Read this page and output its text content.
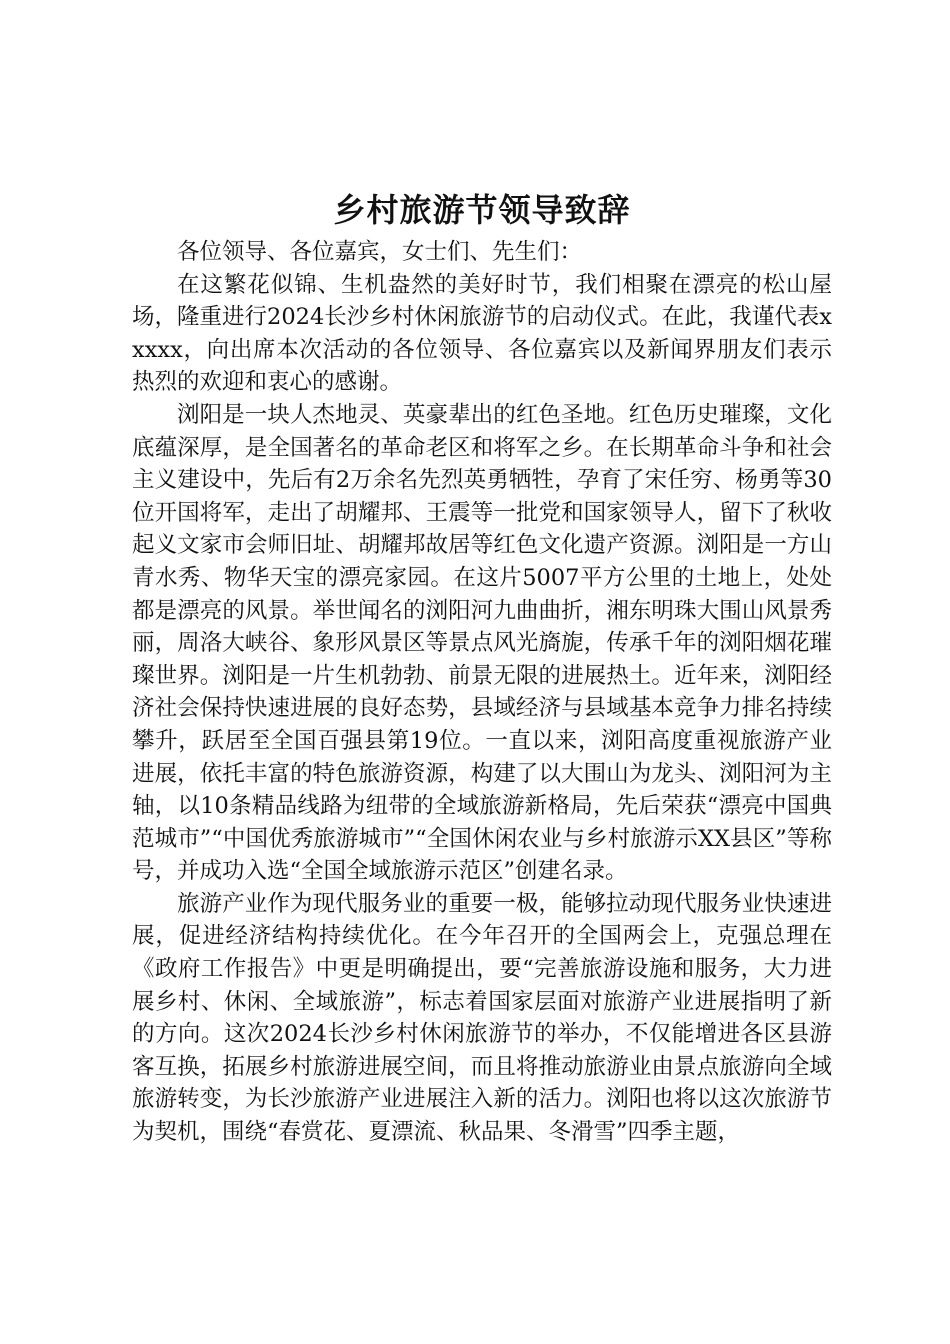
乡村旅游节领导致辞

各位领导、各位嘉宾，女士们、先生们：

在这繁花似锦、生机盎然的美好时节，我们相聚在漂亮的松山屋场，隆重进行2024长沙乡村休闲旅游节的启动仪式。在此，我谨代表xxxxx，向出席本次活动的各位领导、各位嘉宾以及新闻界朋友们表示热烈的欢迎和衷心的感谢。

浏阳是一块人杰地灵、英豪辈出的红色圣地。红色历史璀璨，文化底蕴深厚，是全国著名的革命老区和将军之乡。在长期革命斗争和社会主义建设中，先后有2万余名先烈英勇牺牲，孕育了宋任穷、杨勇等30位开国将军，走出了胡耀邦、王震等一批党和国家领导人，留下了秋收起义文家市会师旧址、胡耀邦故居等红色文化遗产资源。浏阳是一方山青水秀、物华天宝的漂亮家园。在这片5007平方公里的土地上，处处都是漂亮的风景。举世闻名的浏阳河九曲曲折，湘东明珠大围山风景秀丽，周洛大峡谷、象形风景区等景点风光旖旎，传承千年的浏阳烟花璀璨世界。浏阳是一片生机勃勃、前景无限的进展热土。近年来，浏阳经济社会保持快速进展的良好态势，县域经济与县域基本竞争力排名持续攀升，跃居至全国百强县第19位。一直以来，浏阳高度重视旅游产业进展，依托丰富的特色旅游资源，构建了以大围山为龙头、浏阳河为主轴，以10条精品线路为纽带的全域旅游新格局，先后荣获“漂亮中国典范城市”“中国优秀旅游城市”“全国休闲农业与乡村旅游示XX县区”等称号，并成功入选“全国全域旅游示范区”创建名录。

旅游产业作为现代服务业的重要一极，能够拉动现代服务业快速进展，促进经济结构持续优化。在今年召开的全国两会上，克强总理在《政府工作报告》中更是明确提出，要“完善旅游设施和服务，大力进展乡村、休闲、全域旅游”，标志着国家层面对旅游产业进展指明了新的方向。这次2024长沙乡村休闲旅游节的举办，不仅能增进各区县游客互换，拓展乡村旅游进展空间，而且将推动旅游业由景点旅游向全域旅游转变，为长沙旅游产业进展注入新的活力。浏阳也将以这次旅游节为契机，围绕“春赏花、夏漂流、秋品果、冬滑雪”四季主题，
